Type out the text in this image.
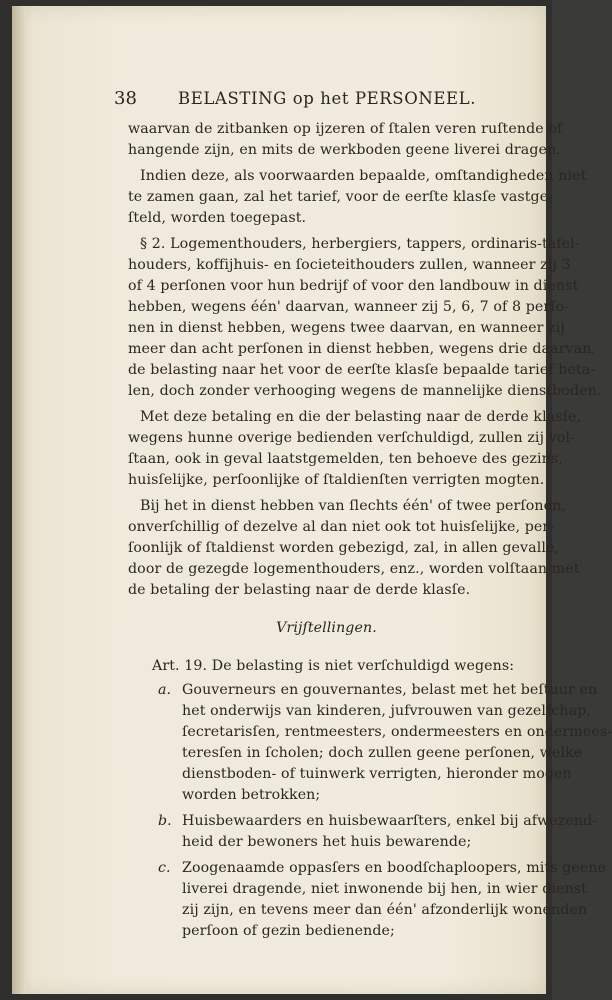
38 BELASTING op het PERSONEEL.
waarvan de zitbanken op ijzeren of ſtalen veren ruſtende of
hangende zijn, en mits de werkboden geene liverei dragen.
Indien deze, als voorwaarden bepaalde, omſtandigheden niet
te zamen gaan, zal het tarief, voor de eerſte klasſe vastge-
ſteld, worden toegepast.
§ 2. Logementhouders, herbergiers, tappers, ordinaris-tafel-
houders, koffijhuis- en ſocieteithouders zullen, wanneer zij 3
of 4 perſonen voor hun bedrijf of voor den landbouw in dienst
hebben, wegens één' daarvan, wanneer zij 5, 6, 7 of 8 perſo-
nen in dienst hebben, wegens twee daarvan, en wanneer zij
meer dan acht perſonen in dienst hebben, wegens drie daarvan,
de belasting naar het voor de eerſte klasſe bepaalde tarief beta-
len, doch zonder verhooging wegens de mannelijke dienstboden.
Met deze betaling en die der belasting naar de derde klasſe,
wegens hunne overige bedienden verſchuldigd, zullen zij vol-
ſtaan, ook in geval laatstgemelden, ten behoeve des gezins,
huisſelijke, perſoonlijke of ſtaldienſten verrigten mogten.
Bij het in dienst hebben van ſlechts één' of twee perſonen,
onverſchillig of dezelve al dan niet ook tot huisſelijke, per-
ſoonlijk of ſtaldienst worden gebezigd, zal, in allen gevalle,
door de gezegde logementhouders, enz., worden volſtaan met
de betaling der belasting naar de derde klasſe.
Vrijſtellingen.
Art. 19. De belasting is niet verſchuldigd wegens:
a. Gouverneurs en gouvernantes, belast met het beſtuur en
het onderwijs van kinderen, jufvrouwen van gezelſchap,
ſecretarisſen, rentmeesters, ondermeesters en ondermees-
teresſen in ſcholen; doch zullen geene perſonen, welke
dienstboden- of tuinwerk verrigten, hieronder mogen
worden betrokken;
b. Huisbewaarders en huisbewaarſters, enkel bij afwezend-
heid der bewoners het huis bewarende;
c. Zoogenaamde oppasſers en boodſchaploopers, mits geene
liverei dragende, niet inwonende bij hen, in wier dienst
zij zijn, en tevens meer dan één' afzonderlijk wonenden
perſoon of gezin bedienende;
